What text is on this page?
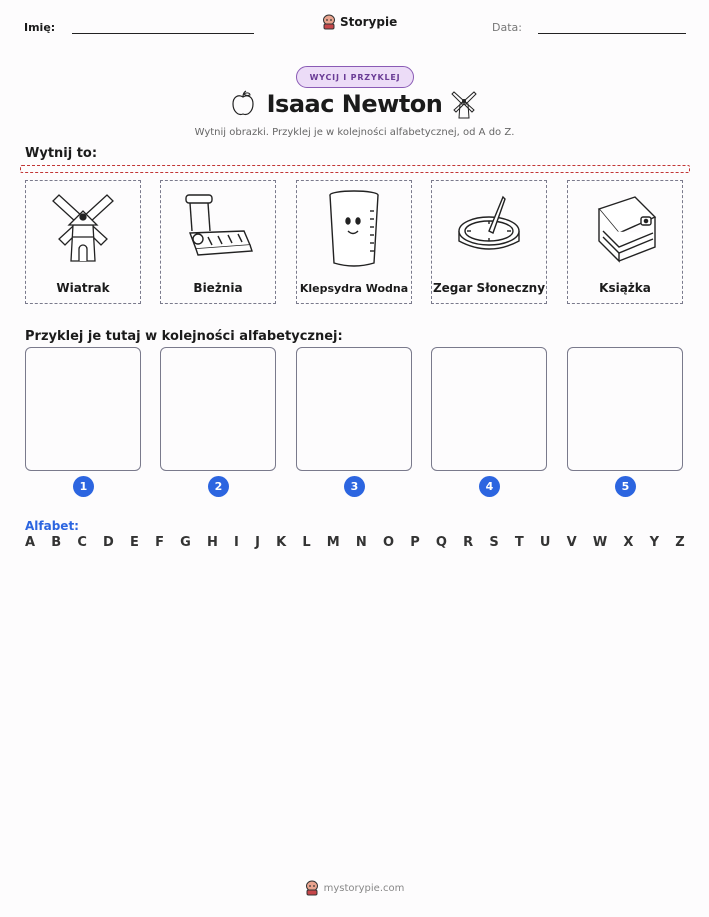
Imię:	Storypie	Data:
WYCIJ I PRZYKLEJ
Isaac Newton
Wytnij obrazki. Przyklej je w kolejności alfabetycznej, od A do Z.
Wytnij to:
Wiatrak	Bieżnia	Klepsydra Wodna Zegar Słoneczny	Książka
Przyklej je tutaj w kolejności alfabetycznej:
1	2	3	4	5
Alfabet:
A B C D E F G H I J K L M N O P Q R S T U V W X Y Z
mystorypie.com
